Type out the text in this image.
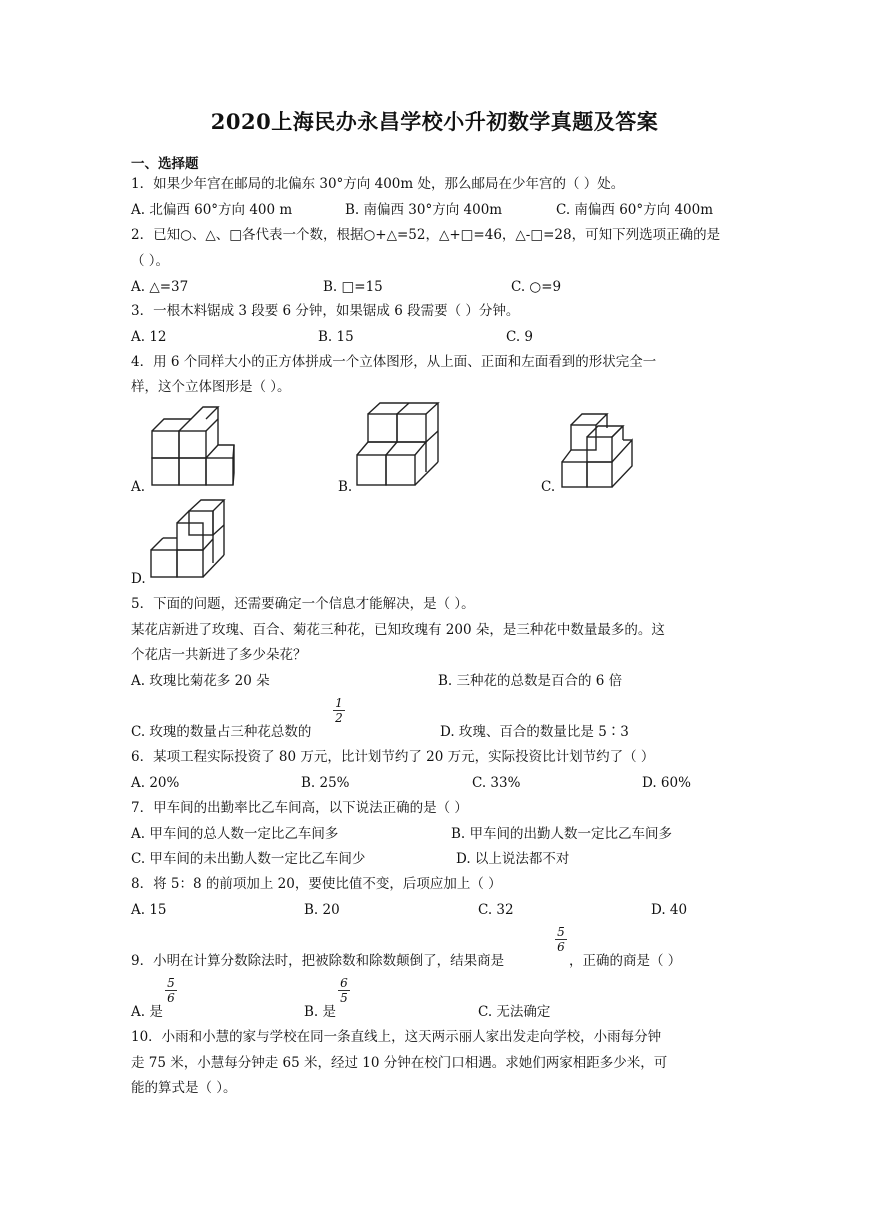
2020上海民办永昌学校小升初数学真题及答案
一、选择题
1．如果少年宫在邮局的北偏东 30°方向 400m 处，那么邮局在少年宫的（ ）处。
A. 北偏西 60°方向 400 m	B. 南偏西 30°方向 400m	C. 南偏西 60°方向 400m
2．已知○、△、□各代表一个数，根据○+△=52，△+□=46，△-□=28，可知下列选项正确的是
（ ）。
A. △=37	B. □=15	C. ○=9
3．一根木料锯成 3 段要 6 分钟，如果锯成 6 段需要（ ）分钟。
A. 12	B. 15	C. 9
4．用 6 个同样大小的正方体拼成一个立体图形，从上面、正面和左面看到的形状完全一
样，这个立体图形是（ ）。
A.	B.	C.
D.
5．下面的问题，还需要确定一个信息才能解决，是（ ）。
某花店新进了玫瑰、百合、菊花三种花，已知玫瑰有 200 朵，是三种花中数量最多的。这
个花店一共新进了多少朵花？
A. 玫瑰比菊花多 20 朵	B. 三种花的总数是百合的 6 倍
C. 玫瑰的数量占三种花总数的
1
2
D. 玫瑰、百合的数量比是 5∶3
6．某项工程实际投资了 80 万元，比计划节约了 20 万元，实际投资比计划节约了（ ）
A. 20%	B. 25%	C. 33%	D. 60%
7．甲车间的出勤率比乙车间高，以下说法正确的是（ ）
A. 甲车间的总人数一定比乙车间多	B. 甲车间的出勤人数一定比乙车间多
C. 甲车间的未出勤人数一定比乙车间少	D. 以上说法都不对
8．将 5：8 的前项加上 20，要使比值不变，后项应加上（ ）
A. 15	B. 20	C. 32	D. 40
9．小明在计算分数除法时，把被除数和除数颠倒了，结果商是
5
6
，正确的商是（ ）
A. 是
5
6
B. 是
6
5
C. 无法确定
10．小雨和小慧的家与学校在同一条直线上，这天两示丽人家出发走向学校，小雨每分钟
走 75 米，小慧每分钟走 65 米，经过 10 分钟在校门口相遇。求她们两家相距多少米，可
能的算式是（ ）。
